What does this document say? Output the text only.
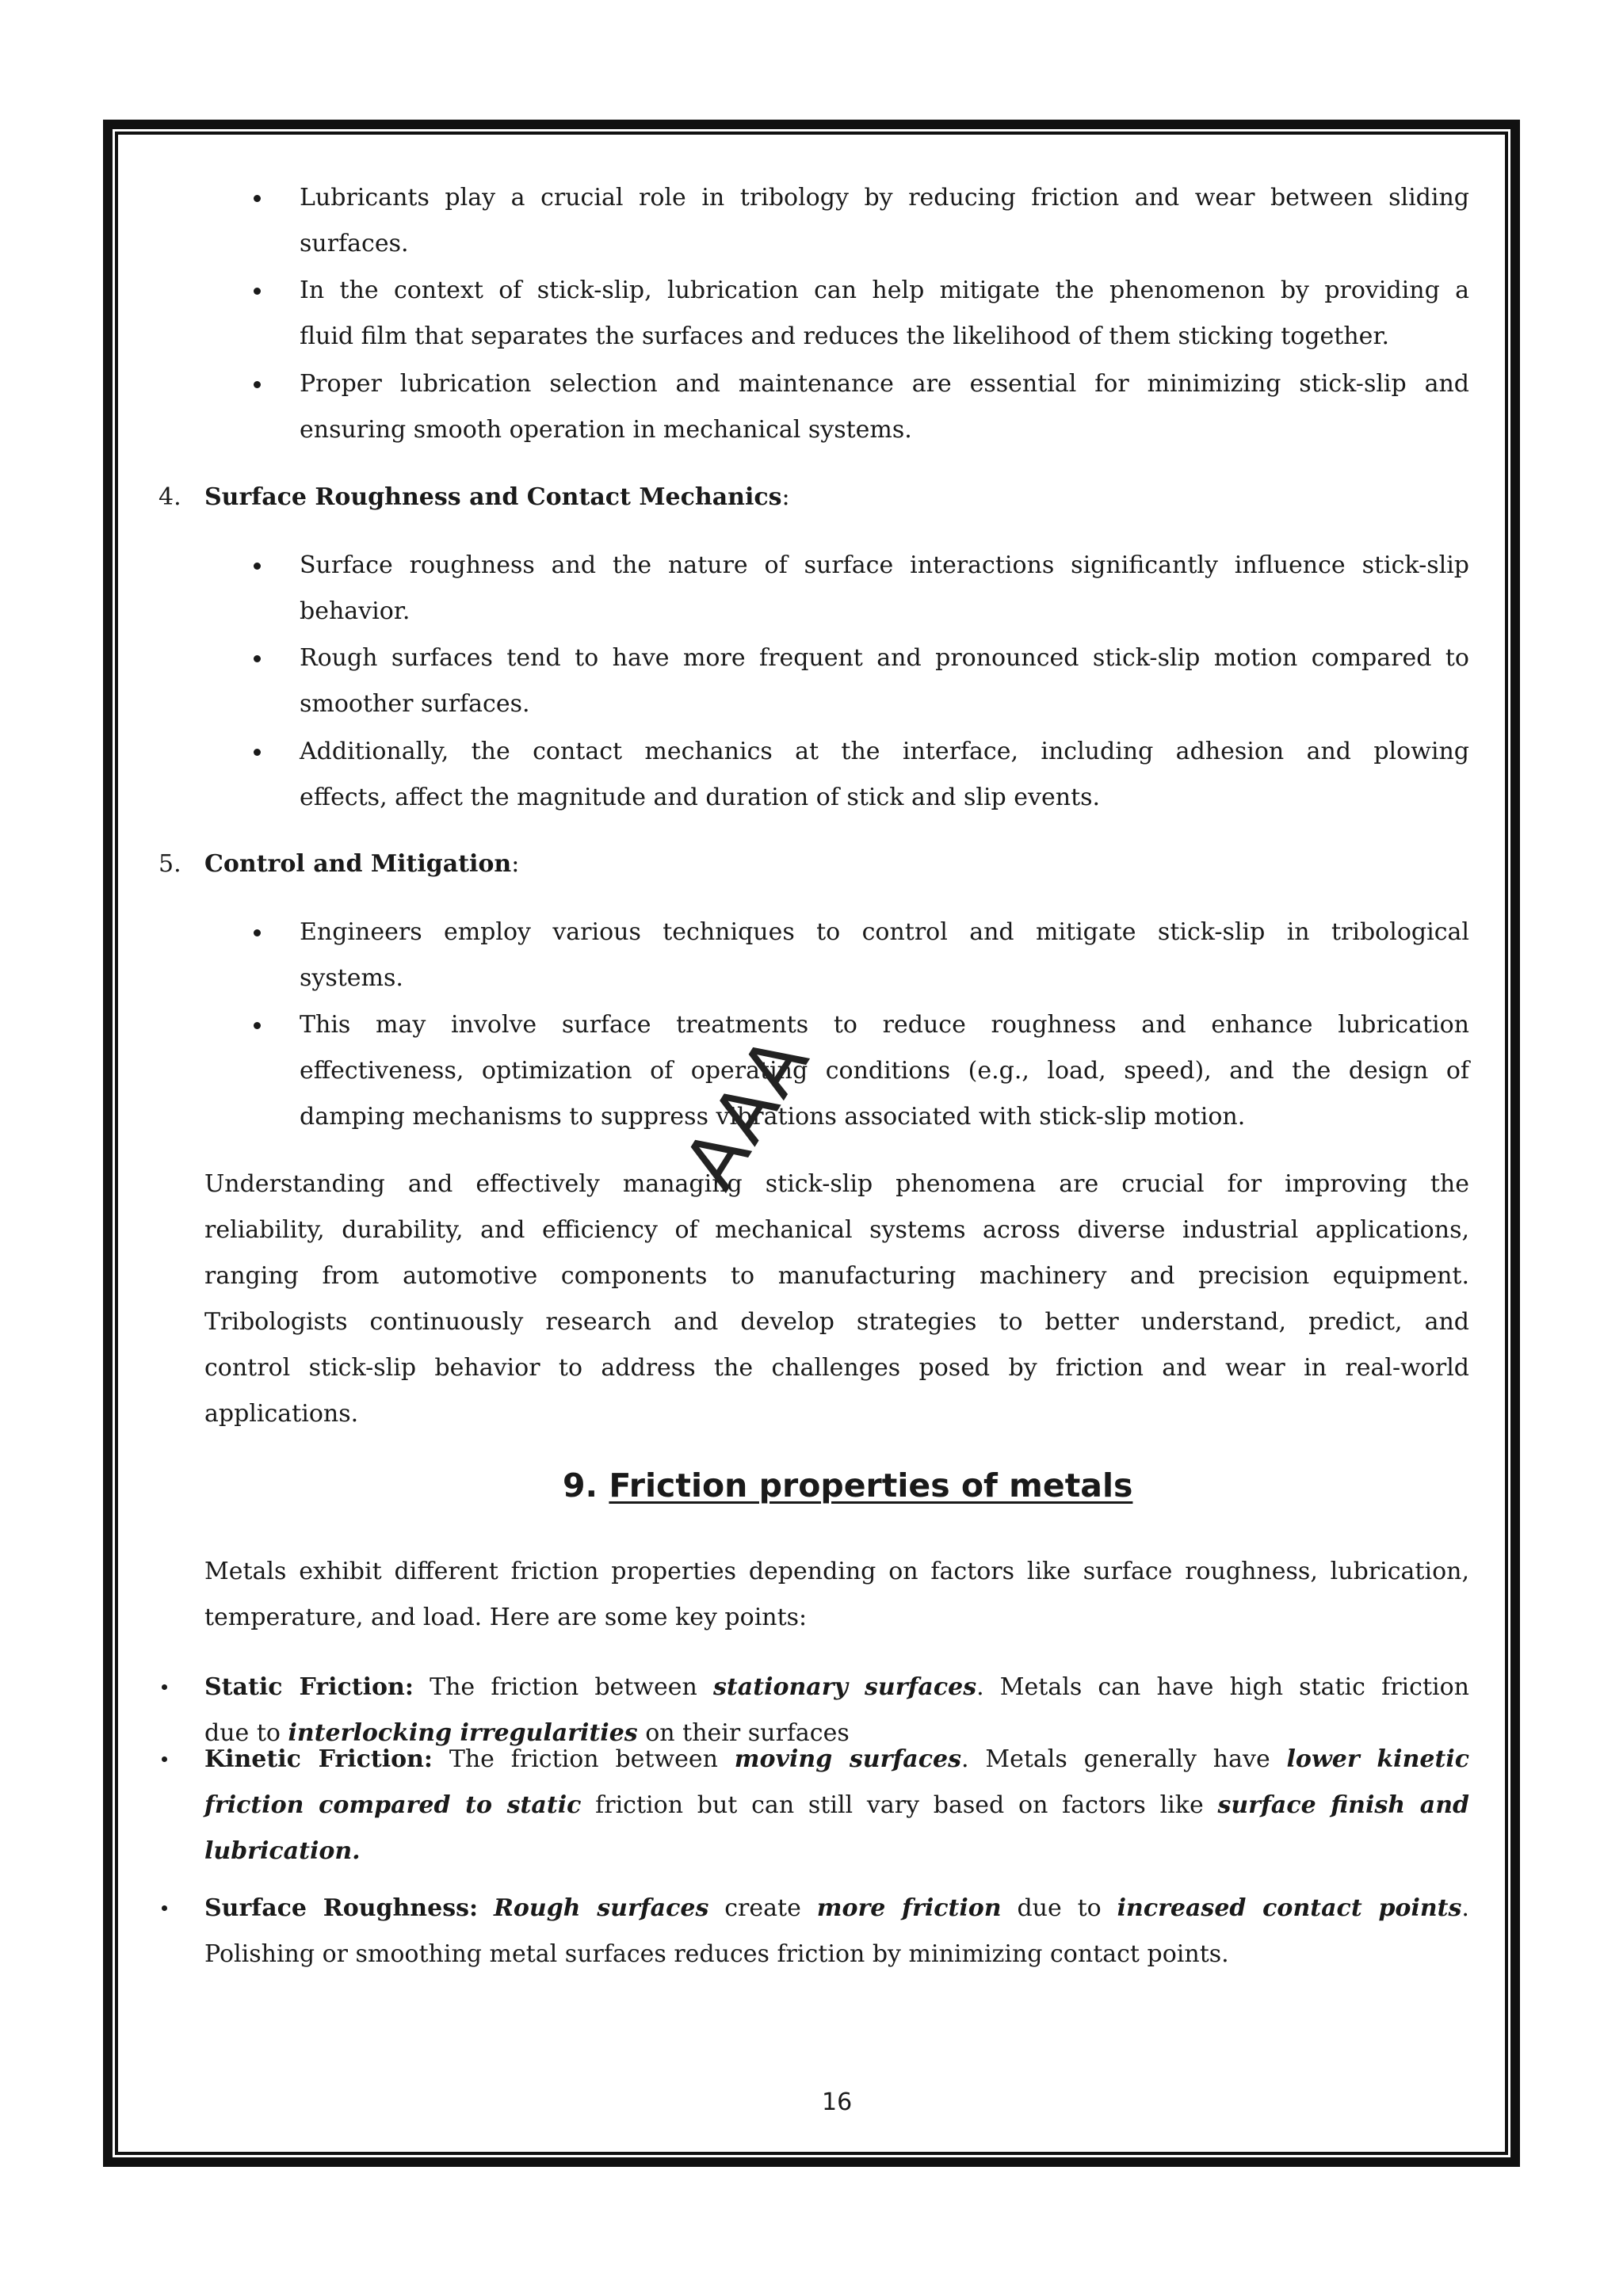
Lubricants play a crucial role in tribology by reducing friction and wear between sliding
surfaces.
In the context of stick-slip, lubrication can help mitigate the phenomenon by providing a
fluid film that separates the surfaces and reduces the likelihood of them sticking together.
Proper lubrication selection and maintenance are essential for minimizing stick-slip and
ensuring smooth operation in mechanical systems.
4. Surface Roughness and Contact Mechanics:
Surface roughness and the nature of surface interactions significantly influence stick-slip
behavior.
Rough surfaces tend to have more frequent and pronounced stick-slip motion compared to
smoother surfaces.
Additionally, the contact mechanics at the interface, including adhesion and plowing
effects, affect the magnitude and duration of stick and slip events.
5. Control and Mitigation:
Engineers employ various techniques to control and mitigate stick-slip in tribological
systems.
This may involve surface treatments to reduce roughness and enhance lubrication
effectiveness, optimization of operating conditions (e.g., load, speed), and the design of
damping mechanisms to suppress vibrations associated with stick-slip motion.
Understanding and effectively managing stick-slip phenomena are crucial for improving the
reliability, durability, and efficiency of mechanical systems across diverse industrial applications,
ranging from automotive components to manufacturing machinery and precision equipment.
Tribologists continuously research and develop strategies to better understand, predict, and
control stick-slip behavior to address the challenges posed by friction and wear in real-world
applications.
9. Friction properties of metals
Metals exhibit different friction properties depending on factors like surface roughness, lubrication,
temperature, and load. Here are some key points:
Static Friction: The friction between stationary surfaces. Metals can have high static friction
due to interlocking irregularities on their surfaces
Kinetic Friction: The friction between moving surfaces. Metals generally have lower kinetic
friction compared to static friction but can still vary based on factors like surface finish and
lubrication.
Surface Roughness: Rough surfaces create more friction due to increased contact points.
Polishing or smoothing metal surfaces reduces friction by minimizing contact points.
16
AAA
